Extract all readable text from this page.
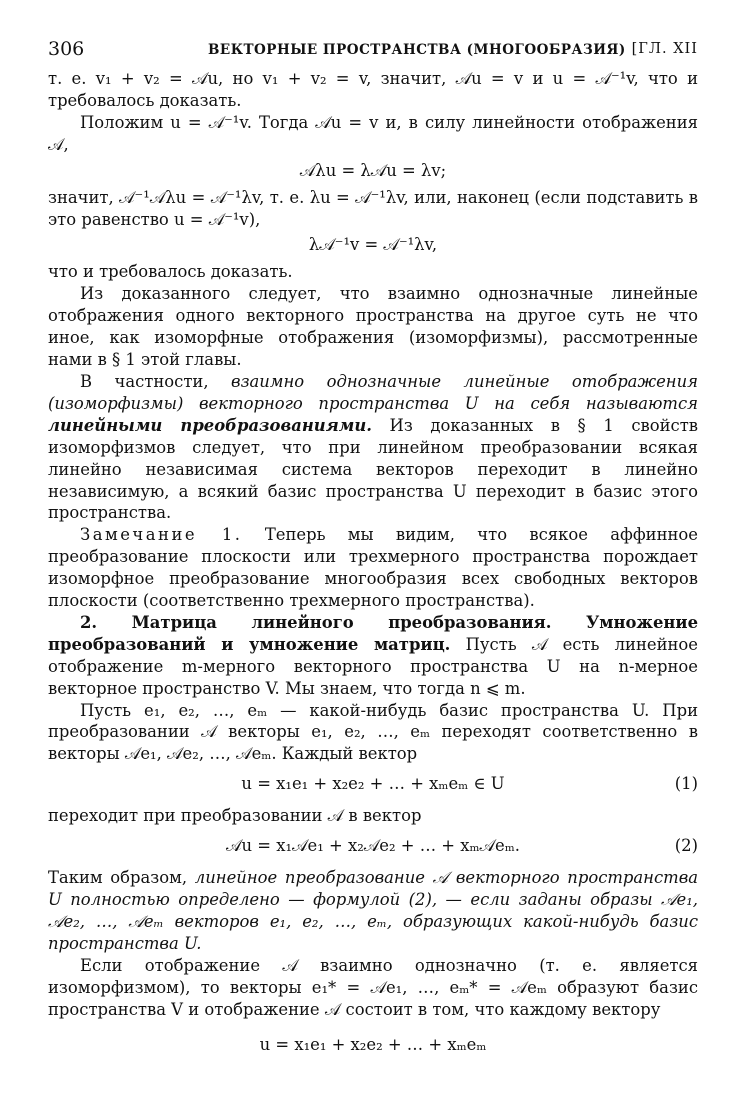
306	ВЕКТОРНЫЕ ПРОСТРАНСТВА (МНОГООБРАЗИЯ) [ГЛ. XII

т. е. v₁ + v₂ = 𝒜u, но v₁ + v₂ = v, значит, 𝒜u = v и u = 𝒜⁻¹v, что и требовалось доказать.

Положим u = 𝒜⁻¹v. Тогда 𝒜u = v и, в силу линейности отображения 𝒜,

𝒜λu = λ𝒜u = λv;

значит, 𝒜⁻¹𝒜λu = 𝒜⁻¹λv, т. е. λu = 𝒜⁻¹λv, или, наконец (если подставить в это равенство u = 𝒜⁻¹v),

λ𝒜⁻¹v = 𝒜⁻¹λv,

что и требовалось доказать.

Из доказанного следует, что взаимно однозначные линейные отображения одного векторного пространства на другое суть не что иное, как изоморфные отображения (изоморфизмы), рассмотренные нами в § 1 этой главы.

В частности, взаимно однозначные линейные отображения (изоморфизмы) векторного пространства U на себя называются линейными преобразованиями. Из доказанных в § 1 свойств изоморфизмов следует, что при линейном преобразовании всякая линейно независимая система векторов переходит в линейно независимую, а всякий базис пространства U переходит в базис этого пространства.

Замечание 1. Теперь мы видим, что всякое аффинное преобразование плоскости или трехмерного пространства порождает изоморфное преобразование многообразия всех свободных векторов плоскости (соответственно трехмерного пространства).

2. Матрица линейного преобразования. Умножение преобразований и умножение матриц. Пусть 𝒜 есть линейное отображение m-мерного векторного пространства U на n-мерное векторное пространство V. Мы знаем, что тогда n ⩽ m.

Пусть e₁, e₂, …, eₘ — какой-нибудь базис пространства U. При преобразовании 𝒜 векторы e₁, e₂, …, eₘ переходят соответственно в векторы 𝒜e₁, 𝒜e₂, …, 𝒜eₘ. Каждый вектор

u = x₁e₁ + x₂e₂ + … + xₘeₘ ∈ U	(1)

переходит при преобразовании 𝒜 в вектор

𝒜u = x₁𝒜e₁ + x₂𝒜e₂ + … + xₘ𝒜eₘ.	(2)

Таким образом, линейное преобразование 𝒜 векторного пространства U полностью определено — формулой (2), — если заданы образы 𝒜e₁, 𝒜e₂, …, 𝒜eₘ векторов e₁, e₂, …, eₘ, образующих какой-нибудь базис пространства U.

Если отображение 𝒜 взаимно однозначно (т. е. является изоморфизмом), то векторы e₁* = 𝒜e₁, …, eₘ* = 𝒜eₘ образуют базис пространства V и отображение 𝒜 состоит в том, что каждому вектору

u = x₁e₁ + x₂e₂ + … + xₘeₘ
